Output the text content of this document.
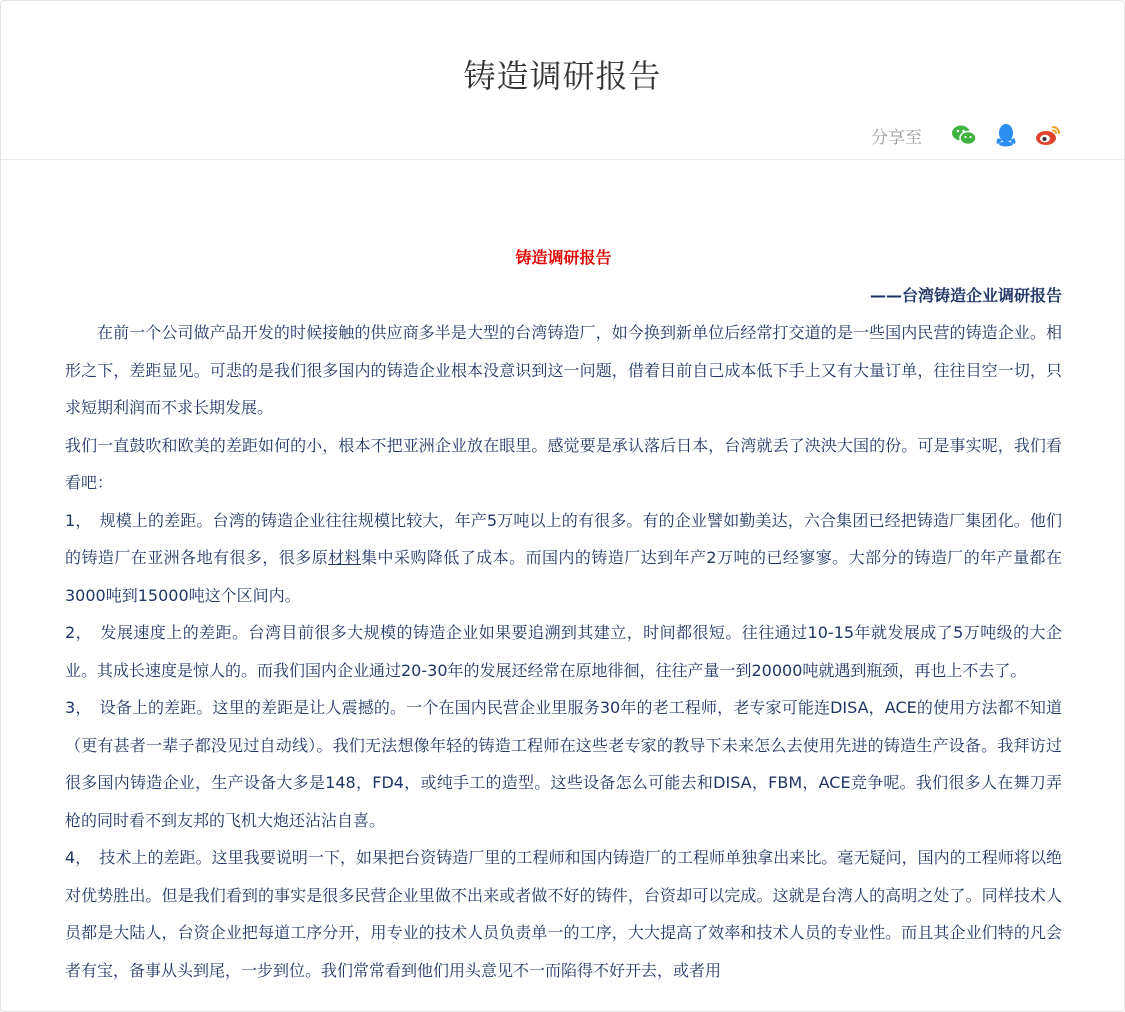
铸造调研报告
分享至

铸造调研报告

——台湾铸造企业调研报告

在前一个公司做产品开发的时候接触的供应商多半是大型的台湾铸造厂，如今换到新单位后经常打交道的是一些国内民营的铸造企业。相形之下，差距显见。可悲的是我们很多国内的铸造企业根本没意识到这一问题，借着目前自己成本低下手上又有大量订单，往往目空一切，只求短期利润而不求长期发展。

我们一直鼓吹和欧美的差距如何的小，根本不把亚洲企业放在眼里。感觉要是承认落后日本，台湾就丢了泱泱大国的份。可是事实呢，我们看看吧：

1，　规模上的差距。台湾的铸造企业往往规模比较大，年产5万吨以上的有很多。有的企业譬如勤美达，六合集团已经把铸造厂集团化。他们的铸造厂在亚洲各地有很多，很多原材料集中采购降低了成本。而国内的铸造厂达到年产2万吨的已经寥寥。大部分的铸造厂的年产量都在3000吨到15000吨这个区间内。

2，　发展速度上的差距。台湾目前很多大规模的铸造企业如果要追溯到其建立，时间都很短。往往通过10-15年就发展成了5万吨级的大企业。其成长速度是惊人的。而我们国内企业通过20-30年的发展还经常在原地徘徊，往往产量一到20000吨就遇到瓶颈，再也上不去了。

3，　设备上的差距。这里的差距是让人震撼的。一个在国内民营企业里服务30年的老工程师，老专家可能连DISA，ACE的使用方法都不知道（更有甚者一辈子都没见过自动线）。我们无法想像年轻的铸造工程师在这些老专家的教导下未来怎么去使用先进的铸造生产设备。我拜访过很多国内铸造企业，生产设备大多是148，FD4，或纯手工的造型。这些设备怎么可能去和DISA，FBM，ACE竞争呢。我们很多人在舞刀弄枪的同时看不到友邦的飞机大炮还沾沾自喜。

4，　技术上的差距。这里我要说明一下，如果把台资铸造厂里的工程师和国内铸造厂的工程师单独拿出来比。毫无疑问，国内的工程师将以绝对优势胜出。但是我们看到的事实是很多民营企业里做不出来或者做不好的铸件，台资却可以完成。这就是台湾人的高明之处了。同样技术人员都是大陆人，台资企业把每道工序分开，用专业的技术人员负责单一的工序，大大提高了效率和技术人员的专业性。而且其企业们特的凡会者有宝，备事从头到尾，一步到位。我们常常看到他们用头意见不一而陷得不好开去，或者用
